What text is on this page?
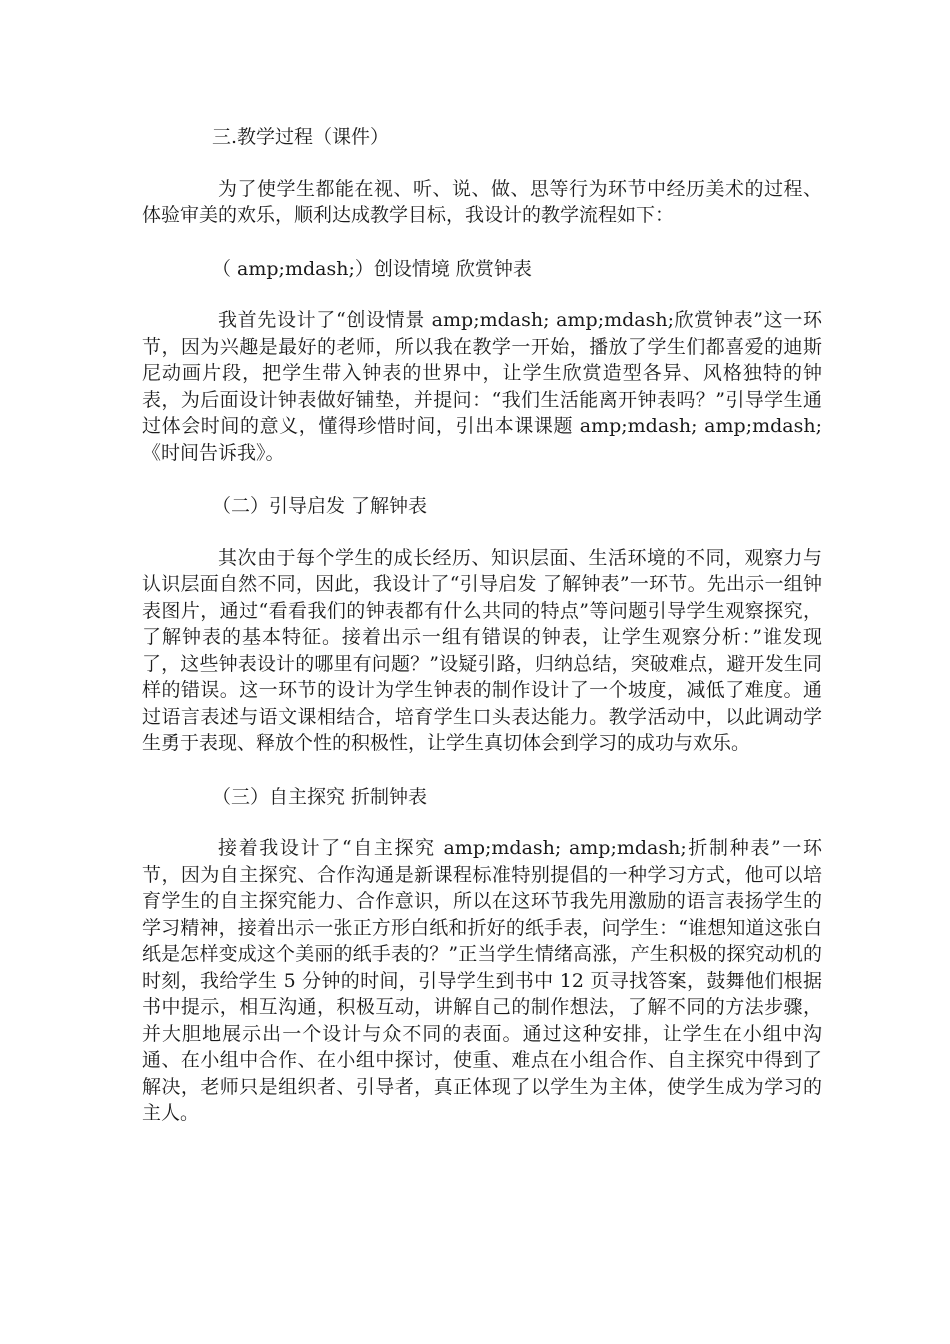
三.教学过程（课件）

为了使学生都能在视、听、说、做、思等行为环节中经历美术的过程、体验审美的欢乐，顺利达成教学目标，我设计的教学流程如下：

（ amp;mdash;）创设情境 欣赏钟表

我首先设计了“创设情景 amp;mdash; amp;mdash;欣赏钟表”这一环节，因为兴趣是最好的老师，所以我在教学一开始，播放了学生们都喜爱的迪斯尼动画片段，把学生带入钟表的世界中，让学生欣赏造型各异、风格独特的钟表，为后面设计钟表做好铺垫，并提问：“我们生活能离开钟表吗？”引导学生通过体会时间的意义，懂得珍惜时间，引出本课课题 amp;mdash; amp;mdash;《时间告诉我》。

（二）引导启发 了解钟表

其次由于每个学生的成长经历、知识层面、生活环境的不同，观察力与认识层面自然不同，因此，我设计了“引导启发 了解钟表”一环节。先出示一组钟表图片，通过“看看我们的钟表都有什么共同的特点”等问题引导学生观察探究，了解钟表的基本特征。接着出示一组有错误的钟表，让学生观察分析：”谁发现了，这些钟表设计的哪里有问题？”设疑引路，归纳总结，突破难点，避开发生同样的错误。这一环节的设计为学生钟表的制作设计了一个坡度，减低了难度。通过语言表述与语文课相结合，培育学生口头表达能力。教学活动中，以此调动学生勇于表现、释放个性的积极性，让学生真切体会到学习的成功与欢乐。

（三）自主探究 折制钟表

接着我设计了“自主探究 amp;mdash; amp;mdash;折制种表”一环节，因为自主探究、合作沟通是新课程标准特别提倡的一种学习方式，他可以培育学生的自主探究能力、合作意识，所以在这环节我先用激励的语言表扬学生的学习精神，接着出示一张正方形白纸和折好的纸手表，问学生：“谁想知道这张白纸是怎样变成这个美丽的纸手表的？”正当学生情绪高涨，产生积极的探究动机的时刻，我给学生 5 分钟的时间，引导学生到书中 12 页寻找答案，鼓舞他们根据书中提示，相互沟通，积极互动，讲解自己的制作想法，了解不同的方法步骤，并大胆地展示出一个设计与众不同的表面。通过这种安排，让学生在小组中沟通、在小组中合作、在小组中探讨，使重、难点在小组合作、自主探究中得到了解决，老师只是组织者、引导者，真正体现了以学生为主体，使学生成为学习的主人。
